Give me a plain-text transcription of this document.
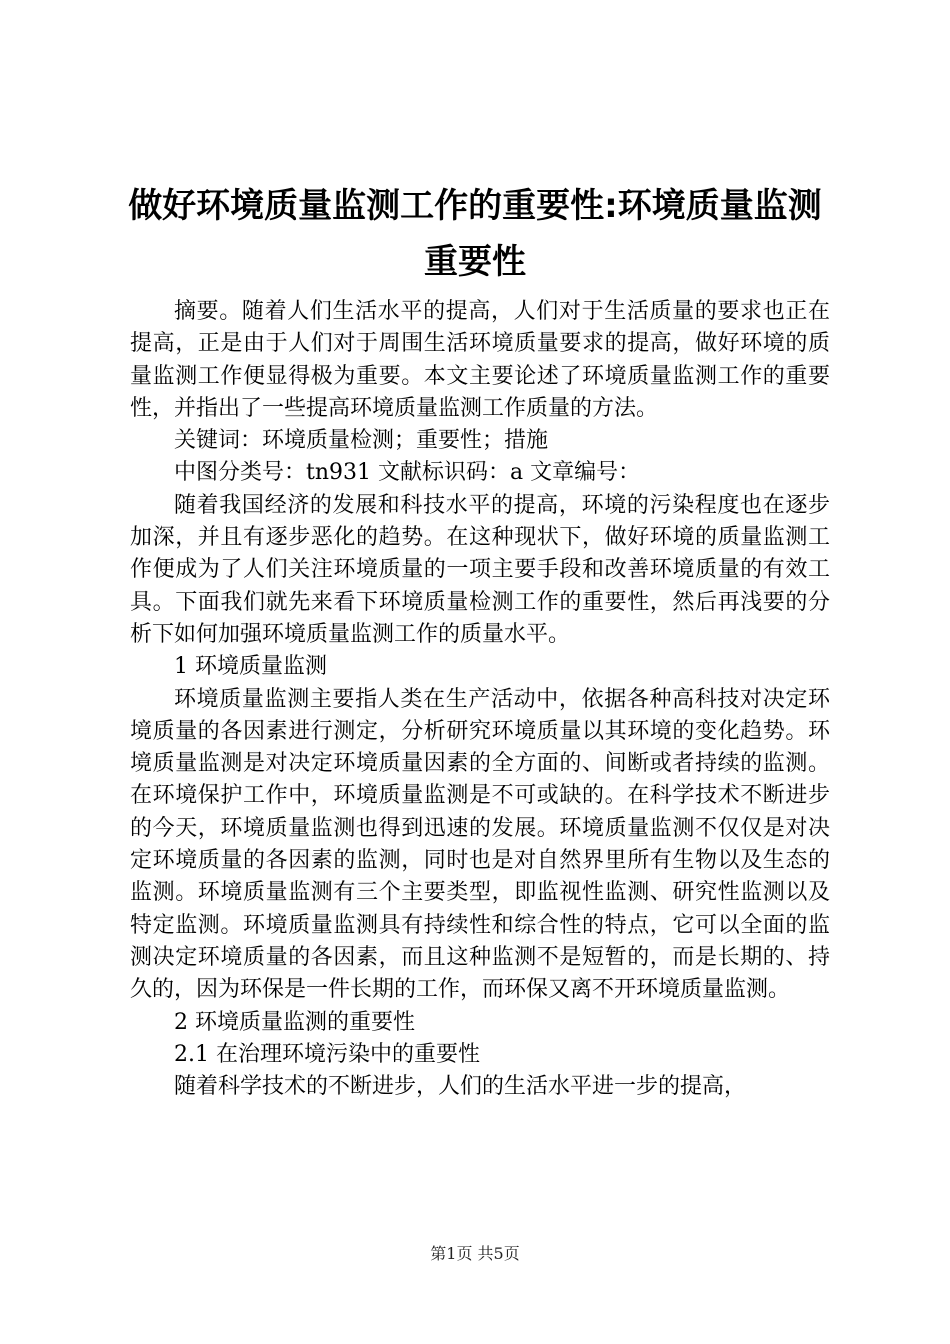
做好环境质量监测工作的重要性:环境质量监测重要性

摘要。随着人们生活水平的提高，人们对于生活质量的要求也正在提高，正是由于人们对于周围生活环境质量要求的提高，做好环境的质量监测工作便显得极为重要。本文主要论述了环境质量监测工作的重要性，并指出了一些提高环境质量监测工作质量的方法。

关键词：环境质量检测；重要性；措施

中图分类号：tn931 文献标识码：a 文章编号：

随着我国经济的发展和科技水平的提高，环境的污染程度也在逐步加深，并且有逐步恶化的趋势。在这种现状下，做好环境的质量监测工作便成为了人们关注环境质量的一项主要手段和改善环境质量的有效工具。下面我们就先来看下环境质量检测工作的重要性，然后再浅要的分析下如何加强环境质量监测工作的质量水平。

1 环境质量监测

环境质量监测主要指人类在生产活动中，依据各种高科技对决定环境质量的各因素进行测定，分析研究环境质量以其环境的变化趋势。环境质量监测是对决定环境质量因素的全方面的、间断或者持续的监测。在环境保护工作中，环境质量监测是不可或缺的。在科学技术不断进步的今天，环境质量监测也得到迅速的发展。环境质量监测不仅仅是对决定环境质量的各因素的监测，同时也是对自然界里所有生物以及生态的监测。环境质量监测有三个主要类型，即监视性监测、研究性监测以及特定监测。环境质量监测具有持续性和综合性的特点，它可以全面的监测决定环境质量的各因素，而且这种监测不是短暂的，而是长期的、持久的，因为环保是一件长期的工作，而环保又离不开环境质量监测。

2 环境质量监测的重要性

2.1 在治理环境污染中的重要性

随着科学技术的不断进步，人们的生活水平进一步的提高，

第1页 共5页
